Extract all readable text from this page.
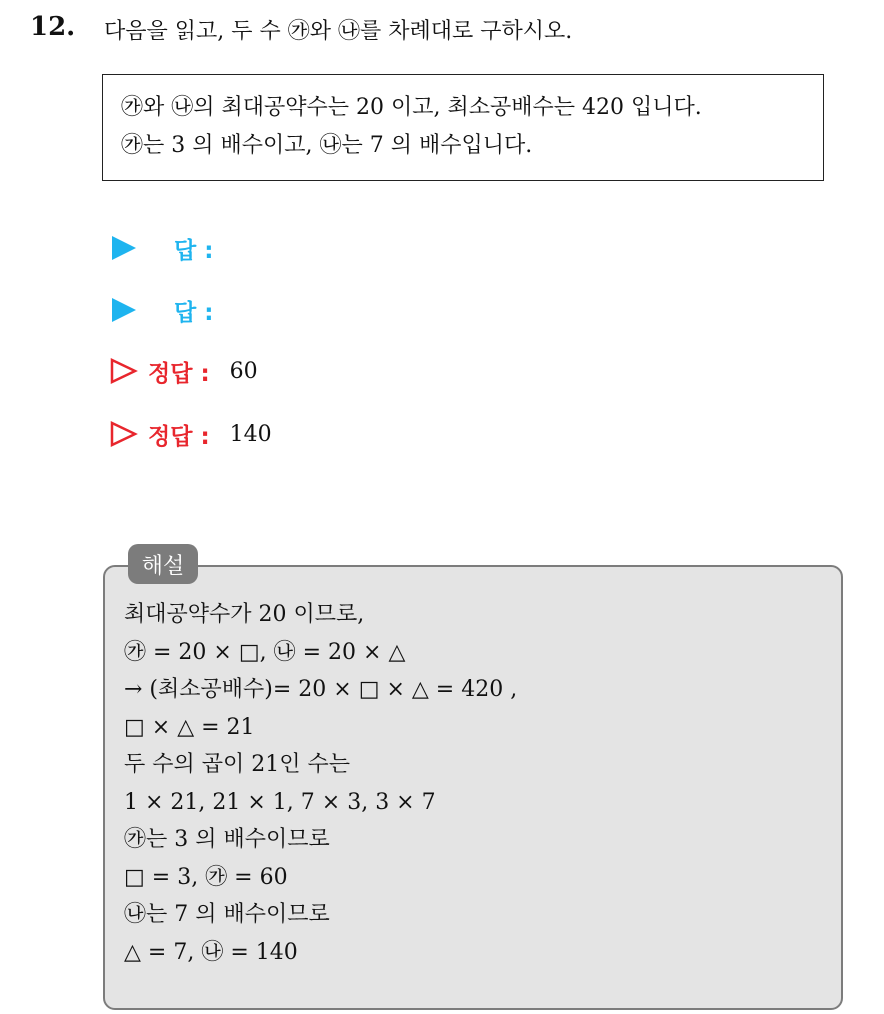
12. 다음을 읽고, 두 수 ㉮와 ㉯를 차례대로 구하시오.
㉮와 ㉯의 최대공약수는 20 이고, 최소공배수는 420 입니다.
㉮는 3 의 배수이고, ㉯는 7 의 배수입니다.
답 :
답 :
정답 : 60
정답 : 140
해설
최대공약수가 20 이므로,
㉮ = 20 × □, ㉯ = 20 × △
→ (최소공배수)= 20 × □ × △ = 420 ,
□ × △ = 21
두 수의 곱이 21인 수는
1 × 21, 21 × 1, 7 × 3, 3 × 7
㉮는 3 의 배수이므로
□ = 3, ㉮ = 60
㉯는 7 의 배수이므로
△ = 7, ㉯ = 140
